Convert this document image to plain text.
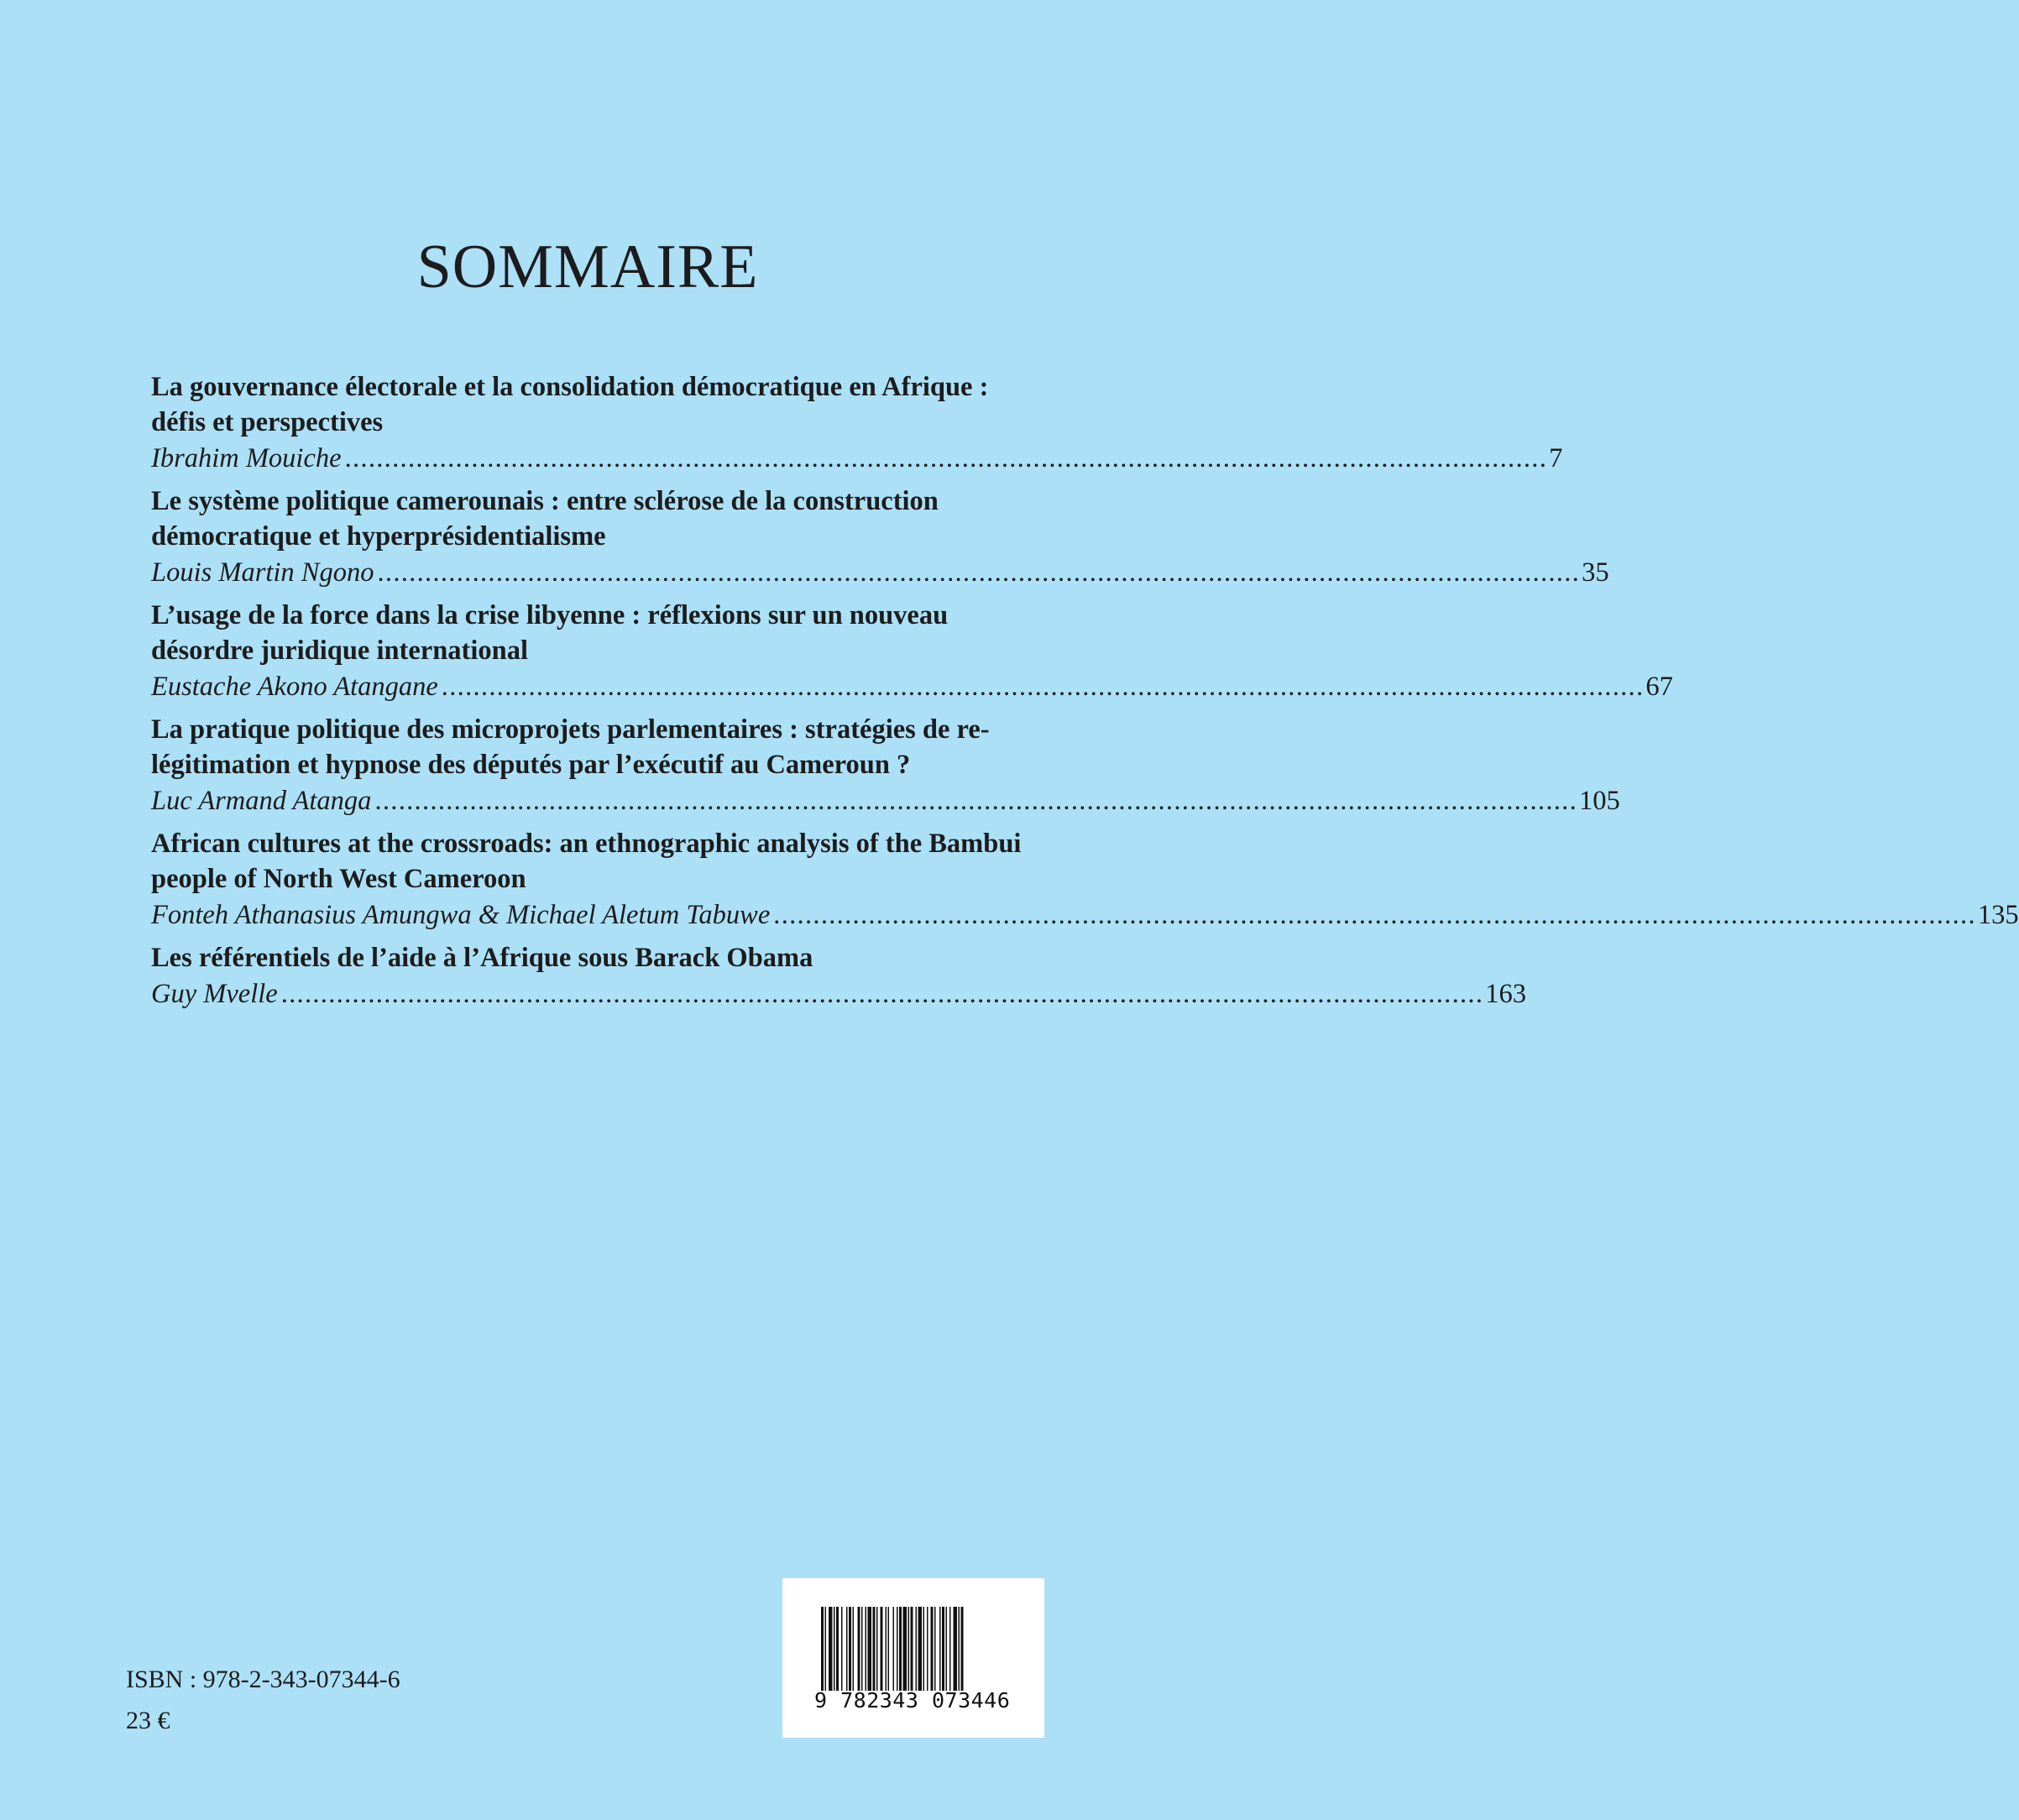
SOMMAIRE

La gouvernance électorale et la consolidation démocratique en Afrique : défis et perspectives

Ibrahim Mouiche ........................................................................................................................................................ 7

Le système politique camerounais : entre sclérose de la construction démocratique et hyperprésidentialisme

Louis Martin Ngono ........................................................................................................................................................ 35

L’usage de la force dans la crise libyenne : réflexions sur un nouveau désordre juridique international

Eustache Akono Atangane ........................................................................................................................................................ 67

La pratique politique des microprojets parlementaires : stratégies de re-légitimation et hypnose des députés par l’exécutif au Cameroun ?

Luc Armand Atanga ........................................................................................................................................................ 105

African cultures at the crossroads: an ethnographic analysis of the Bambui people of North West Cameroon

Fonteh Athanasius Amungwa & Michael Aletum Tabuwe ........................................................................................................................................................ 135

Les référentiels de l’aide à l’Afrique sous Barack Obama

Guy Mvelle ........................................................................................................................................................ 163
ISBN : 978-2-343-07344-6
23 €
9 782343 073446
